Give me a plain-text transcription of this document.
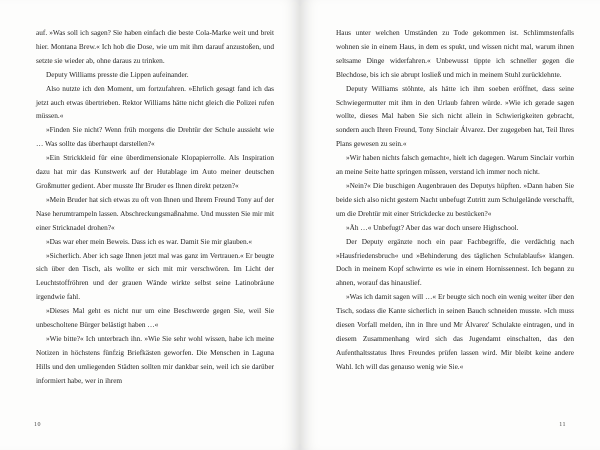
auf. »Was soll ich sagen? Sie haben einfach die beste Cola-Marke weit und breit hier. Montana Brew.« Ich hob die Dose, wie um mit ihm darauf anzustoßen, und setzte sie wieder ab, ohne daraus zu trinken.

Deputy Williams presste die Lippen aufeinander.

Also nutzte ich den Moment, um fortzufahren. »Ehrlich gesagt fand ich das jetzt auch etwas übertrieben. Rektor Williams hätte nicht gleich die Polizei rufen müssen.«

»Finden Sie nicht? Wenn früh morgens die Drehtür der Schule aussieht wie … Was sollte das überhaupt darstellen?«

»Ein Strickkleid für eine überdimensionale Klopapierrolle. Als Inspiration dazu hat mir das Kunstwerk auf der Hutablage im Auto meiner deutschen Großmutter gedient. Aber musste Ihr Bruder es Ihnen direkt petzen?«

»Mein Bruder hat sich etwas zu oft von Ihnen und Ihrem Freund Tony auf der Nase herumtrampeln lassen. Abschreckungsmaßnahme. Und mussten Sie mir mit einer Stricknadel drohen?«

»Das war eher mein Beweis. Dass ich es war. Damit Sie mir glauben.«

»Sicherlich. Aber ich sage Ihnen jetzt mal was ganz im Vertrauen.« Er beugte sich über den Tisch, als wollte er sich mit mir verschwören. Im Licht der Leuchtstoffröhren und der grauen Wände wirkte selbst seine Latinobräune irgendwie fahl.

»Dieses Mal geht es nicht nur um eine Beschwerde gegen Sie, weil Sie unbescholtene Bürger belästigt haben …«

»Wie bitte?« Ich unterbrach ihn. »Wie Sie sehr wohl wissen, habe ich meine Notizen in höchstens fünfzig Briefkästen geworfen. Die Menschen in Laguna Hills und den umliegenden Städten sollten mir dankbar sein, weil ich sie darüber informiert habe, wer in ihrem

10

Haus unter welchen Umständen zu Tode gekommen ist. Schlimmstenfalls wohnen sie in einem Haus, in dem es spukt, und wissen nicht mal, warum ihnen seltsame Dinge widerfahren.« Unbewusst tippte ich schneller gegen die Blechdose, bis ich sie abrupt losließ und mich in meinem Stuhl zurücklehnte.

Deputy Williams stöhnte, als hätte ich ihm soeben eröffnet, dass seine Schwiegermutter mit ihm in den Urlaub fahren würde. »Wie ich gerade sagen wollte, dieses Mal haben Sie sich nicht allein in Schwierigkeiten gebracht, sondern auch Ihren Freund, Tony Sinclair Álvarez. Der zugegeben hat, Teil Ihres Plans gewesen zu sein.«

»Wir haben nichts falsch gemacht«, hielt ich dagegen. Warum Sinclair vorhin an meine Seite hatte springen müssen, verstand ich immer noch nicht.

»Nein?« Die buschigen Augenbrauen des Deputys hüpften. »Dann haben Sie beide sich also nicht gestern Nacht unbefugt Zutritt zum Schulgelände verschafft, um die Drehtür mit einer Strickdecke zu bestücken?«

»Äh …« Unbefugt? Aber das war doch unsere Highschool.

Der Deputy ergänzte noch ein paar Fachbegriffe, die verdächtig nach »Hausfriedensbruch« und »Behinderung des täglichen Schulablaufs« klangen. Doch in meinem Kopf schwirrte es wie in einem Hornissennest. Ich begann zu ahnen, worauf das hinauslief.

»Was ich damit sagen will …« Er beugte sich noch ein wenig weiter über den Tisch, sodass die Kante sicherlich in seinen Bauch schneiden musste. »Ich muss diesen Vorfall melden, ihn in Ihre und Mr Álvarez' Schulakte eintragen, und in diesem Zusammenhang wird sich das Jugendamt einschalten, das den Aufenthaltsstatus Ihres Freundes prüfen lassen wird. Mir bleibt keine andere Wahl. Ich will das genauso wenig wie Sie.«

11
